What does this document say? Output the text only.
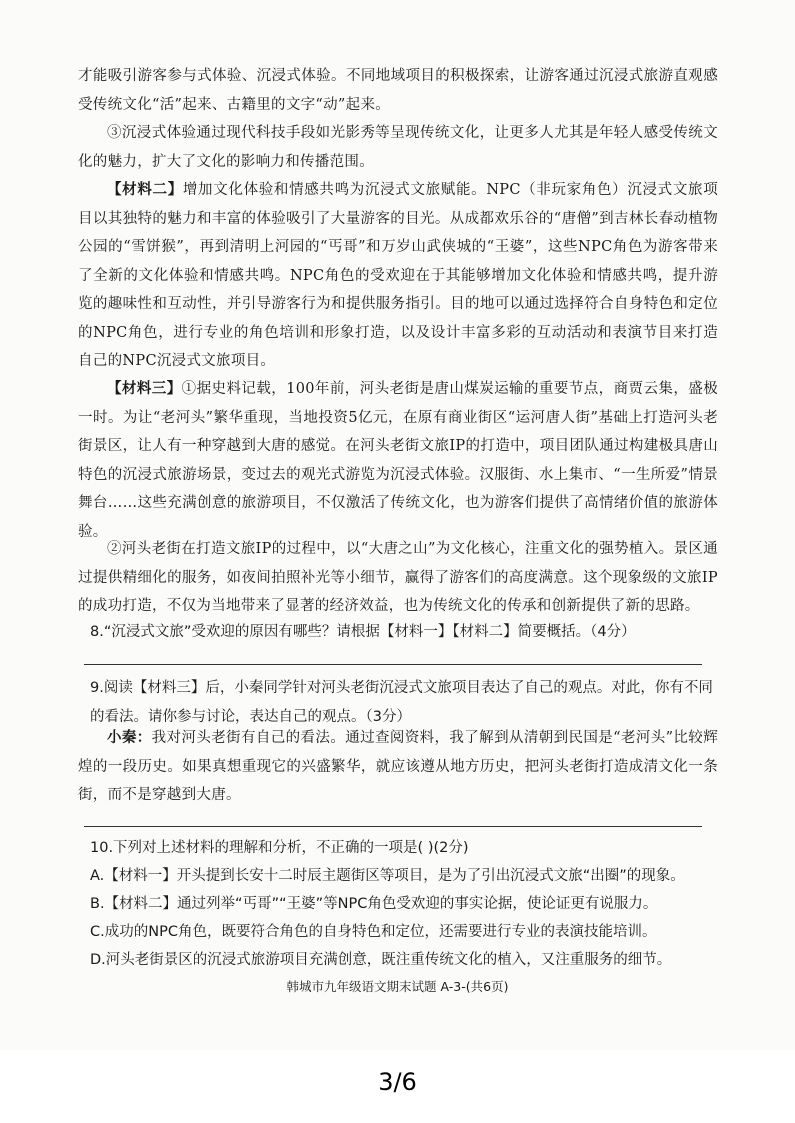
才能吸引游客参与式体验、沉浸式体验。不同地域项目的积极探索，让游客通过沉浸式旅游直观感受传统文化“活”起来、古籍里的文字“动”起来。
③沉浸式体验通过现代科技手段如光影秀等呈现传统文化，让更多人尤其是年轻人感受传统文化的魅力，扩大了文化的影响力和传播范围。
【材料二】增加文化体验和情感共鸣为沉浸式文旅赋能。NPC（非玩家角色）沉浸式文旅项目以其独特的魅力和丰富的体验吸引了大量游客的目光。从成都欢乐谷的“唐僧”到吉林长春动植物公园的“雪饼猴”，再到清明上河园的“丐哥”和万岁山武侠城的“王婆”，这些NPC角色为游客带来了全新的文化体验和情感共鸣。NPC角色的受欢迎在于其能够增加文化体验和情感共鸣，提升游览的趣味性和互动性，并引导游客行为和提供服务指引。目的地可以通过选择符合自身特色和定位的NPC角色，进行专业的角色培训和形象打造，以及设计丰富多彩的互动活动和表演节目来打造自己的NPC沉浸式文旅项目。
【材料三】①据史料记载，100年前，河头老街是唐山煤炭运输的重要节点，商贾云集，盛极一时。为让“老河头”繁华重现，当地投资5亿元，在原有商业街区“运河唐人街”基础上打造河头老街景区，让人有一种穿越到大唐的感觉。在河头老街文旅IP的打造中，项目团队通过构建极具唐山特色的沉浸式旅游场景，变过去的观光式游览为沉浸式体验。汉服街、水上集市、“一生所爱”情景舞台……这些充满创意的旅游项目，不仅激活了传统文化，也为游客们提供了高情绪价值的旅游体验。
②河头老街在打造文旅IP的过程中，以“大唐之山”为文化核心，注重文化的强势植入。景区通过提供精细化的服务，如夜间拍照补光等小细节，赢得了游客们的高度满意。这个现象级的文旅IP的成功打造，不仅为当地带来了显著的经济效益，也为传统文化的传承和创新提供了新的思路。
8.“沉浸式文旅”受欢迎的原因有哪些？请根据【材料一】【材料二】简要概括。（4分）
9.阅读【材料三】后，小秦同学针对河头老街沉浸式文旅项目表达了自己的观点。对此，你有不同的看法。请你参与讨论，表达自己的观点。（3分）
小秦：我对河头老街有自己的看法。通过查阅资料，我了解到从清朝到民国是“老河头”比较辉煌的一段历史。如果真想重现它的兴盛繁华，就应该遵从地方历史，把河头老街打造成清文化一条街，而不是穿越到大唐。
10.下列对上述材料的理解和分析，不正确的一项是( )(2分)
A.【材料一】开头提到长安十二时辰主题街区等项目，是为了引出沉浸式文旅“出圈”的现象。
B.【材料二】通过列举“丐哥”“王婆”等NPC角色受欢迎的事实论据，使论证更有说服力。
C.成功的NPC角色，既要符合角色的自身特色和定位，还需要进行专业的表演技能培训。
D.河头老街景区的沉浸式旅游项目充满创意，既注重传统文化的植入，又注重服务的细节。
韩城市九年级语文期末试题 A-3-(共6页)
3/6
